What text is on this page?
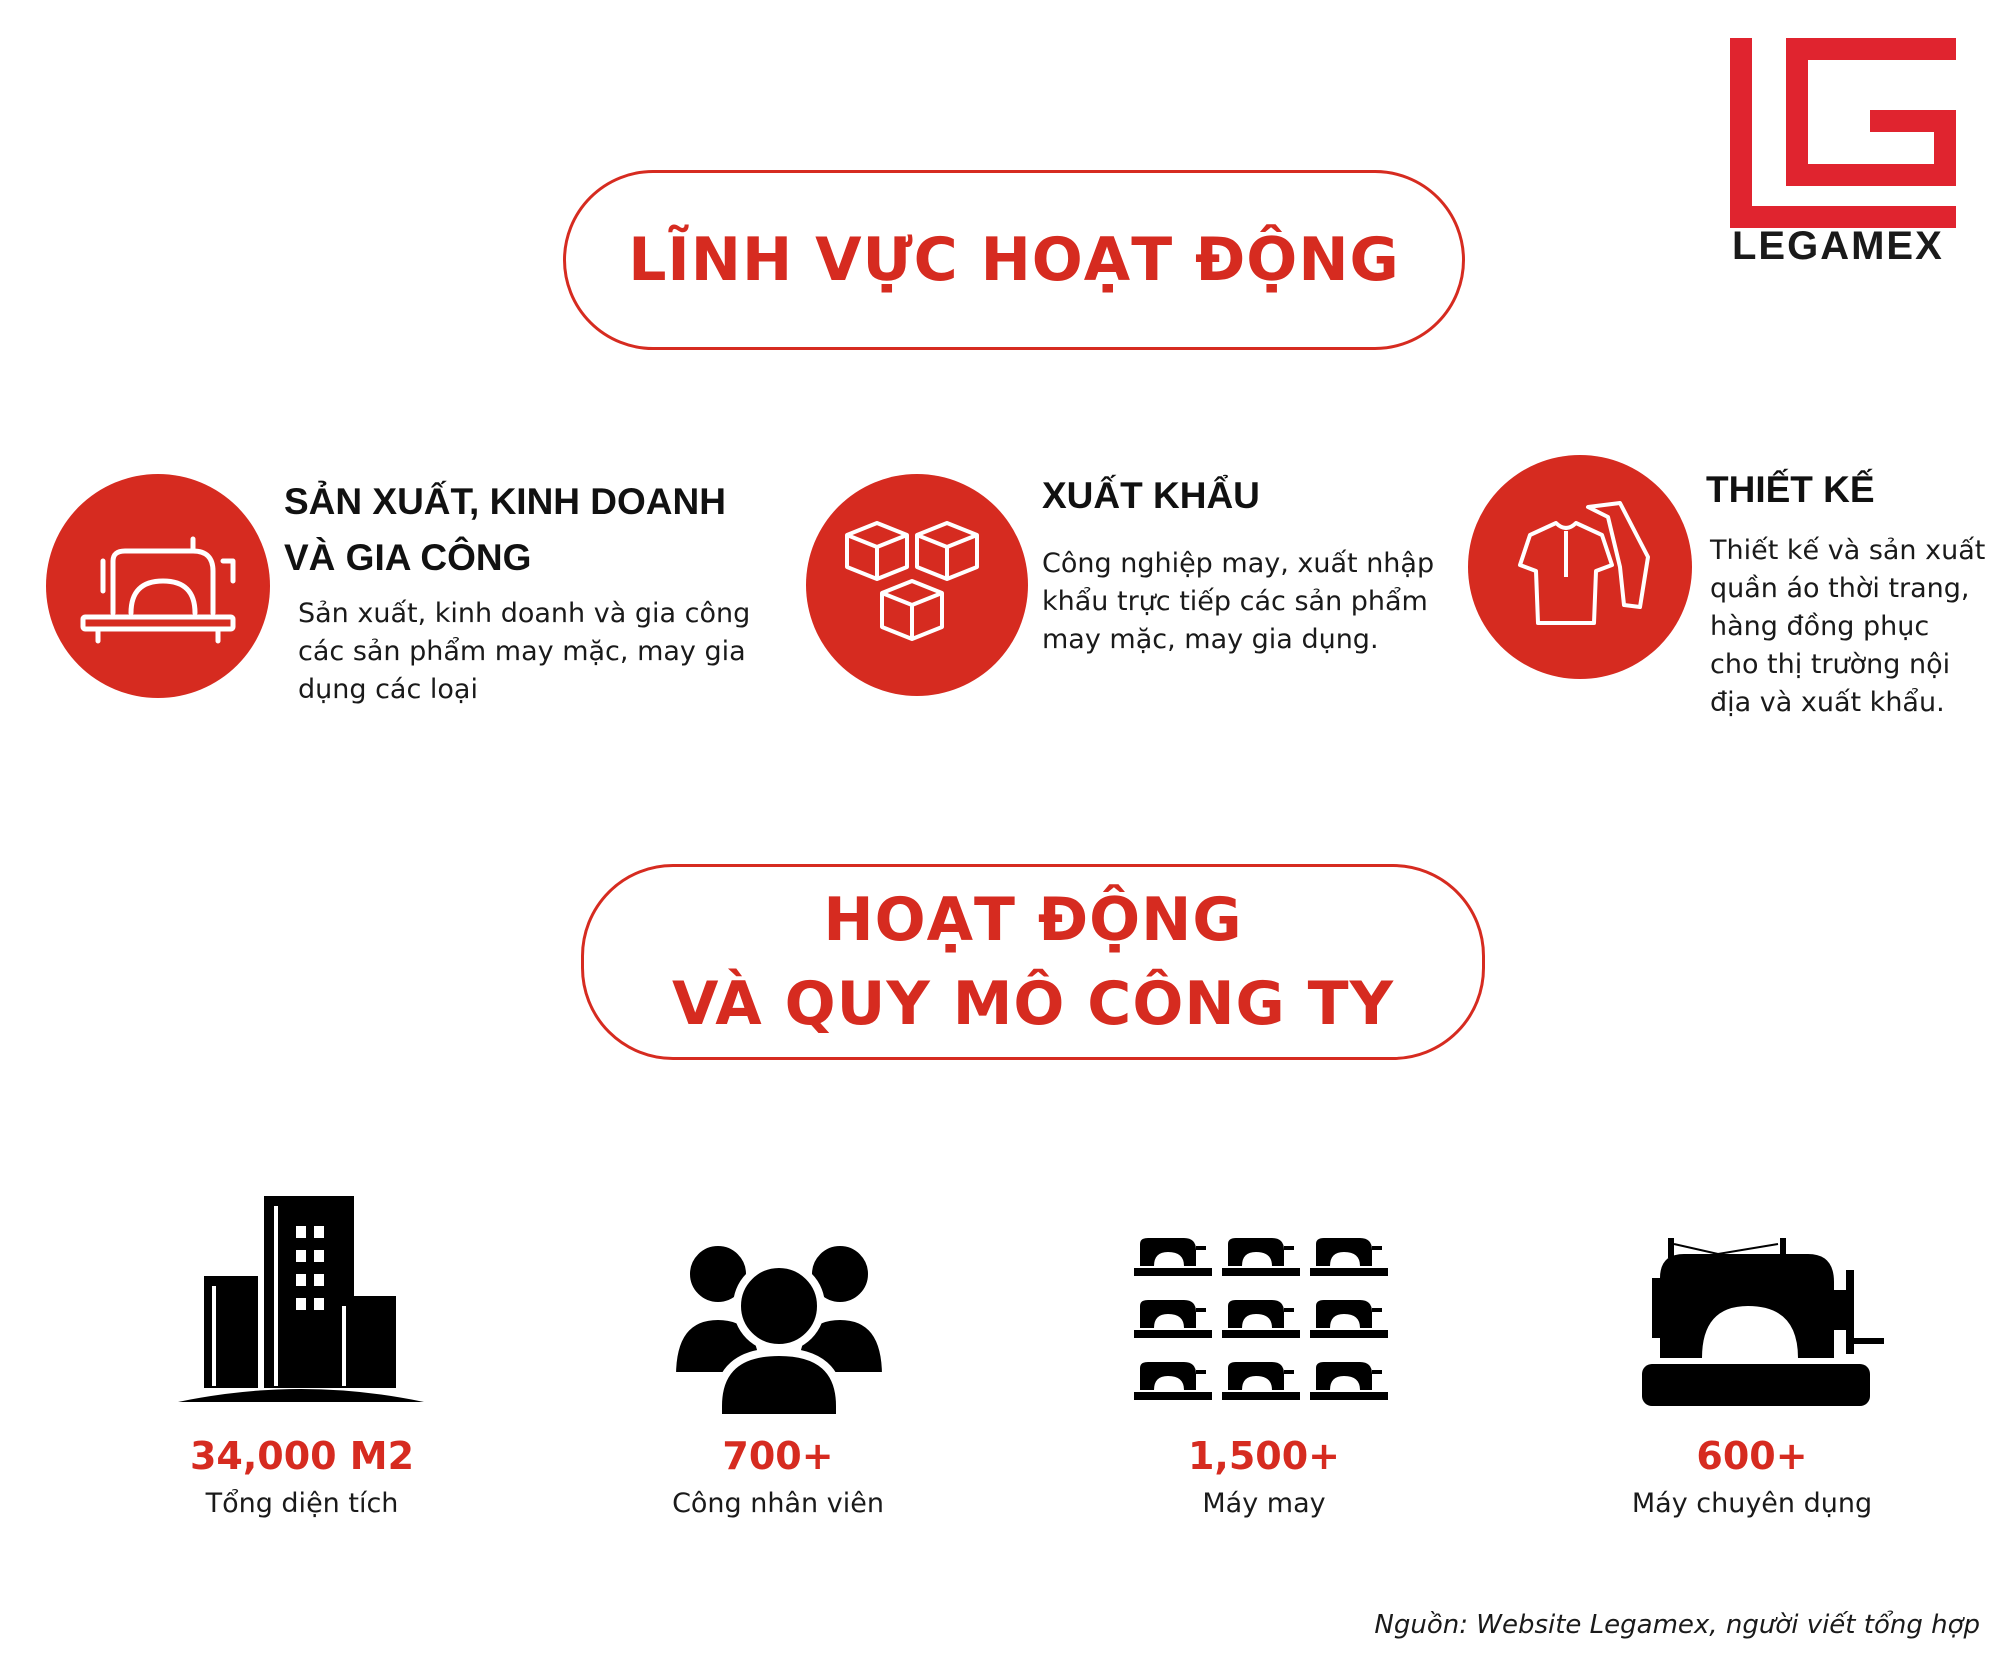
LEGAMEX
LĨNH VỰC HOẠT ĐỘNG
SẢN XUẤT, KINH DOANH
VÀ GIA CÔNG
Sản xuất, kinh doanh và gia công
các sản phẩm may mặc, may gia
dụng các loại
XUẤT KHẨU
Công nghiệp may, xuất nhập
khẩu trực tiếp các sản phẩm
may mặc, may gia dụng.
THIẾT KẾ
Thiết kế và sản xuất
quần áo thời trang,
hàng đồng phục
cho thị trường nội
địa và xuất khẩu.
HOẠT ĐỘNG
VÀ QUY MÔ CÔNG TY
34,000 M2
Tổng diện tích
700+
Công nhân viên
1,500+
Máy may
600+
Máy chuyên dụng
Nguồn: Website Legamex, người viết tổng hợp
